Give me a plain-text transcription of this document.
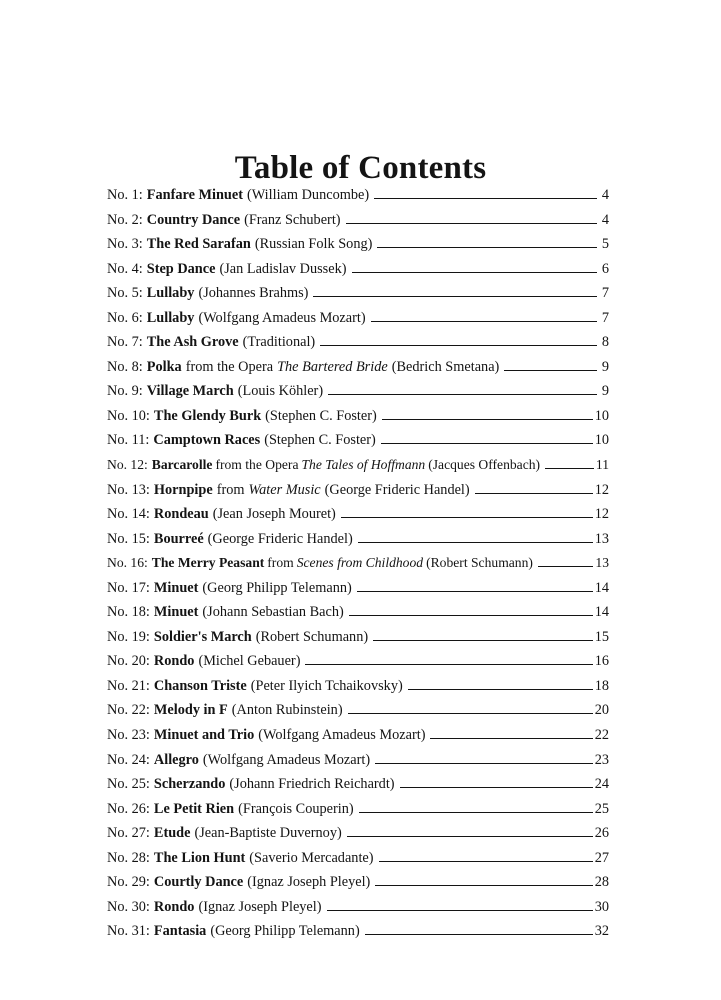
Table of Contents
No. 1: Fanfare Minuet (William Duncombe)	4
No. 2: Country Dance (Franz Schubert)	4
No. 3: The Red Sarafan (Russian Folk Song)	5
No. 4: Step Dance (Jan Ladislav Dussek)	6
No. 5: Lullaby (Johannes Brahms)	7
No. 6: Lullaby (Wolfgang Amadeus Mozart)	7
No. 7: The Ash Grove (Traditional)	8
No. 8: Polka from the Opera The Bartered Bride (Bedrich Smetana)	9
No. 9: Village March (Louis Köhler)	9
No. 10: The Glendy Burk (Stephen C. Foster)	10
No. 11: Camptown Races (Stephen C. Foster)	10
No. 12: Barcarolle from the Opera The Tales of Hoffmann (Jacques Offenbach)	11
No. 13: Hornpipe from Water Music (George Frideric Handel)	12
No. 14: Rondeau (Jean Joseph Mouret)	12
No. 15: Bourreé (George Frideric Handel)	13
No. 16: The Merry Peasant from Scenes from Childhood (Robert Schumann)	13
No. 17: Minuet (Georg Philipp Telemann)	14
No. 18: Minuet (Johann Sebastian Bach)	14
No. 19: Soldier's March (Robert Schumann)	15
No. 20: Rondo (Michel Gebauer)	16
No. 21: Chanson Triste (Peter Ilyich Tchaikovsky)	18
No. 22: Melody in F (Anton Rubinstein)	20
No. 23: Minuet and Trio (Wolfgang Amadeus Mozart)	22
No. 24: Allegro (Wolfgang Amadeus Mozart)	23
No. 25: Scherzando (Johann Friedrich Reichardt)	24
No. 26: Le Petit Rien (François Couperin)	25
No. 27: Etude (Jean-Baptiste Duvernoy)	26
No. 28: The Lion Hunt (Saverio Mercadante)	27
No. 29: Courtly Dance (Ignaz Joseph Pleyel)	28
No. 30: Rondo (Ignaz Joseph Pleyel)	30
No. 31: Fantasia (Georg Philipp Telemann)	32
